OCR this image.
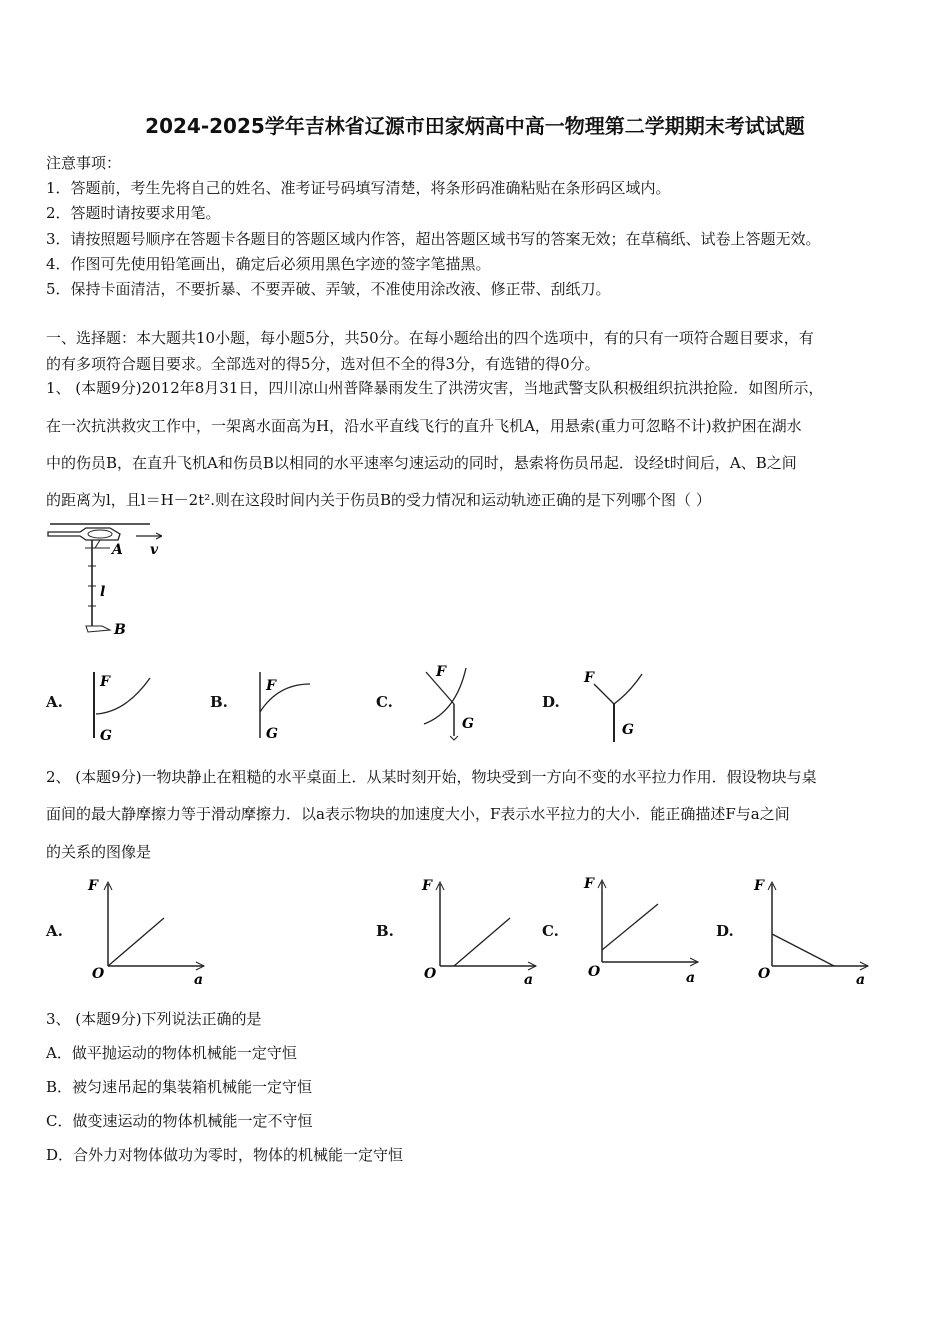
2024-2025学年吉林省辽源市田家炳高中高一物理第二学期期末考试试题
注意事项：
1．答题前，考生先将自己的姓名、准考证号码填写清楚，将条形码准确粘贴在条形码区域内。
2．答题时请按要求用笔。
3．请按照题号顺序在答题卡各题目的答题区域内作答，超出答题区域书写的答案无效；在草稿纸、试卷上答题无效。
4．作图可先使用铅笔画出，确定后必须用黑色字迹的签字笔描黑。
5．保持卡面清洁，不要折暴、不要弄破、弄皱，不准使用涂改液、修正带、刮纸刀。
一、选择题：本大题共10小题，每小题5分，共50分。在每小题给出的四个选项中，有的只有一项符合题目要求，有
的有多项符合题目要求。全部选对的得5分，选对但不全的得3分，有选错的得0分。
1、 (本题9分)2012年8月31日，四川凉山州普降暴雨发生了洪涝灾害，当地武警支队积极组织抗洪抢险．如图所示，
在一次抗洪救灾工作中，一架离水面高为H，沿水平直线飞行的直升飞机A，用悬索(重力可忽略不计)救护困在湖水
中的伤员B，在直升飞机A和伤员B以相同的水平速率匀速运动的同时，悬索将伤员吊起．设经t时间后，A、B之间
的距离为l，且l＝H－2t².则在这段时间内关于伤员B的受力情况和运动轨迹正确的是下列哪个图（ ）
A
l
B
v
A.
F
G
B.
F
G
C.
F
G
D.
F
G
2、 (本题9分)一物块静止在粗糙的水平桌面上．从某时刻开始，物块受到一方向不变的水平拉力作用．假设物块与桌
面间的最大静摩擦力等于滑动摩擦力．以a表示物块的加速度大小，F表示水平拉力的大小．能正确描述F与a之间
的关系的图像是
A.
F
a
O
B.
F
a
O
C.
F
a
O
D.
F
a
O
3、 (本题9分)下列说法正确的是
A．做平抛运动的物体机械能一定守恒
B．被匀速吊起的集装箱机械能一定守恒
C．做变速运动的物体机械能一定不守恒
D．合外力对物体做功为零时，物体的机械能一定守恒
